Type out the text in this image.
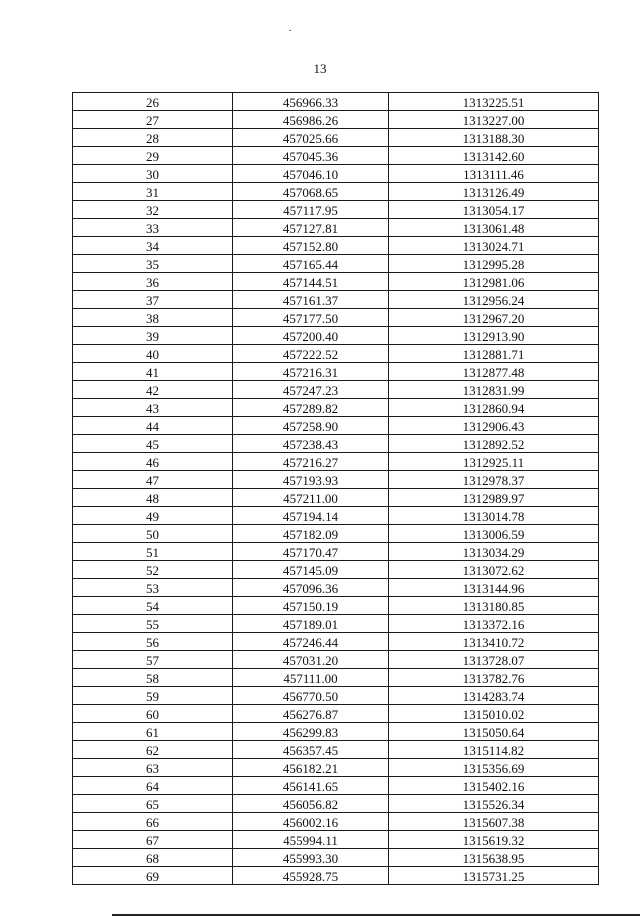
13
26	456966.33	1313225.51
27	456986.26	1313227.00
28	457025.66	1313188.30
29	457045.36	1313142.60
30	457046.10	1313111.46
31	457068.65	1313126.49
32	457117.95	1313054.17
33	457127.81	1313061.48
34	457152.80	1313024.71
35	457165.44	1312995.28
36	457144.51	1312981.06
37	457161.37	1312956.24
38	457177.50	1312967.20
39	457200.40	1312913.90
40	457222.52	1312881.71
41	457216.31	1312877.48
42	457247.23	1312831.99
43	457289.82	1312860.94
44	457258.90	1312906.43
45	457238.43	1312892.52
46	457216.27	1312925.11
47	457193.93	1312978.37
48	457211.00	1312989.97
49	457194.14	1313014.78
50	457182.09	1313006.59
51	457170.47	1313034.29
52	457145.09	1313072.62
53	457096.36	1313144.96
54	457150.19	1313180.85
55	457189.01	1313372.16
56	457246.44	1313410.72
57	457031.20	1313728.07
58	457111.00	1313782.76
59	456770.50	1314283.74
60	456276.87	1315010.02
61	456299.83	1315050.64
62	456357.45	1315114.82
63	456182.21	1315356.69
64	456141.65	1315402.16
65	456056.82	1315526.34
66	456002.16	1315607.38
67	455994.11	1315619.32
68	455993.30	1315638.95
69	455928.75	1315731.25
